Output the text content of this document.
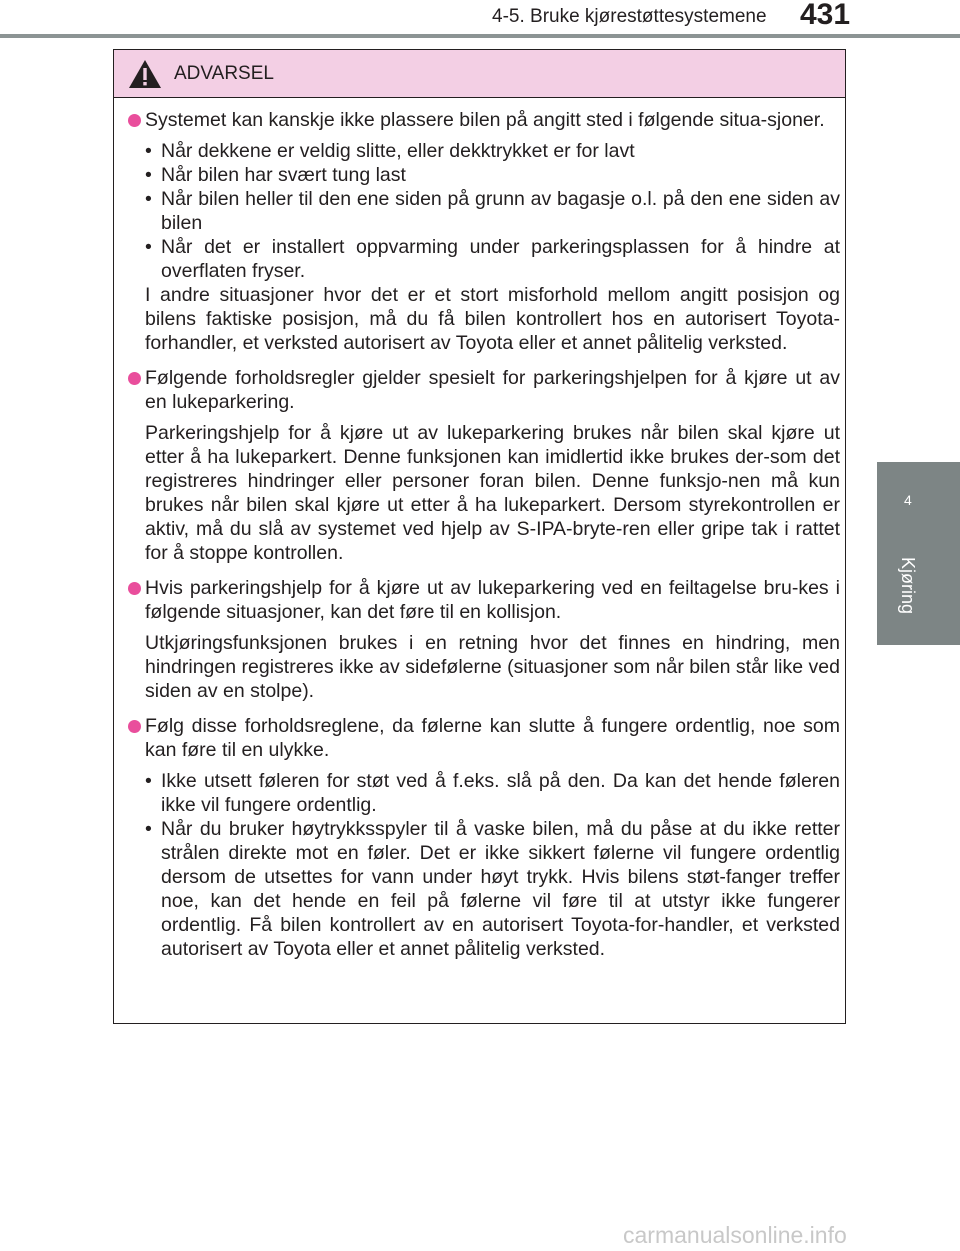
4-5. Bruke kjørestøttesystemene 431
4
Kjøring
ADVARSEL
Systemet kan kanskje ikke plassere bilen på angitt sted i følgende situa-sjoner.
• Når dekkene er veldig slitte, eller dekktrykket er for lavt
• Når bilen har svært tung last
• Når bilen heller til den ene siden på grunn av bagasje o.l. på den ene siden av bilen
• Når det er installert oppvarming under parkeringsplassen for å hindre at overflaten fryser.
I andre situasjoner hvor det er et stort misforhold mellom angitt posisjon og bilens faktiske posisjon, må du få bilen kontrollert hos en autorisert Toyota-forhandler, et verksted autorisert av Toyota eller et annet pålitelig verksted.
Følgende forholdsregler gjelder spesielt for parkeringshjelpen for å kjøre ut av en lukeparkering.
Parkeringshjelp for å kjøre ut av lukeparkering brukes når bilen skal kjøre ut etter å ha lukeparkert. Denne funksjonen kan imidlertid ikke brukes der-som det registreres hindringer eller personer foran bilen. Denne funksjo-nen må kun brukes når bilen skal kjøre ut etter å ha lukeparkert. Dersom styrekontrollen er aktiv, må du slå av systemet ved hjelp av S-IPA-bryte-ren eller gripe tak i rattet for å stoppe kontrollen.
Hvis parkeringshjelp for å kjøre ut av lukeparkering ved en feiltagelse bru-kes i følgende situasjoner, kan det føre til en kollisjon.
Utkjøringsfunksjonen brukes i en retning hvor det finnes en hindring, men hindringen registreres ikke av sidefølerne (situasjoner som når bilen står like ved siden av en stolpe).
Følg disse forholdsreglene, da følerne kan slutte å fungere ordentlig, noe som kan føre til en ulykke.
• Ikke utsett føleren for støt ved å f.eks. slå på den. Da kan det hende føleren ikke vil fungere ordentlig.
• Når du bruker høytrykksspyler til å vaske bilen, må du påse at du ikke retter strålen direkte mot en føler. Det er ikke sikkert følerne vil fungere ordentlig dersom de utsettes for vann under høyt trykk. Hvis bilens støt-fanger treffer noe, kan det hende en feil på følerne vil føre til at utstyr ikke fungerer ordentlig. Få bilen kontrollert av en autorisert Toyota-for-handler, et verksted autorisert av Toyota eller et annet pålitelig verksted.
carmanualsonline.info
